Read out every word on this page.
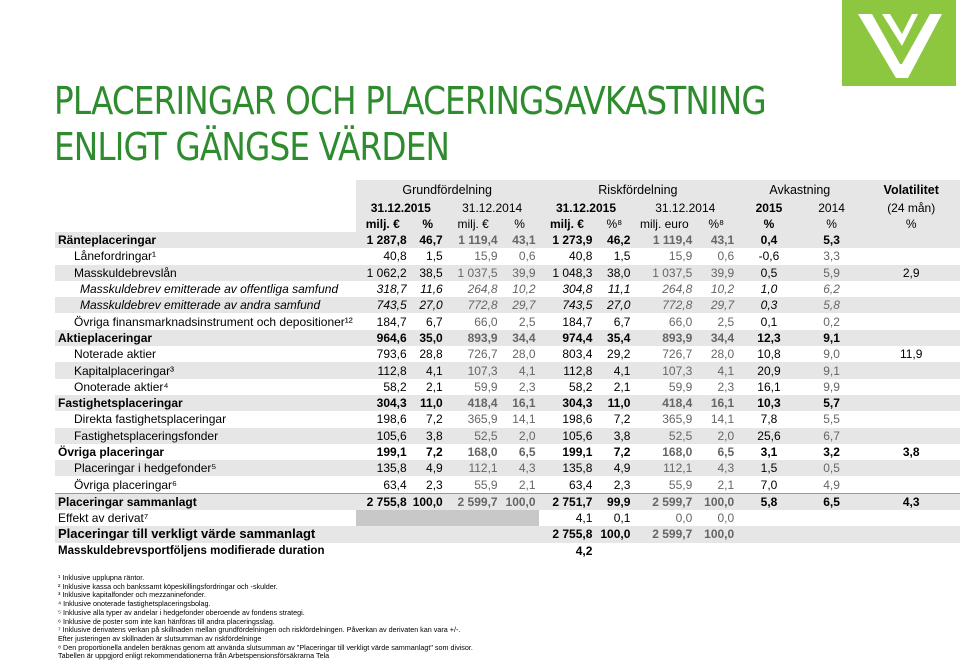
PLACERINGAR OCH PLACERINGSAVKASTNING
ENLIGT GÄNGSE VÄRDEN
	Grundfördelning				Riskfördelning				Avkastning		Volatilitet
	31.12.2015		31.12.2014		31.12.2015		31.12.2014		2015	2014	(24 mån)
	milj. €	%	milj. €	%	milj. €	%⁸	milj. euro	%⁸	%	%	%
Ränteplaceringar	1 287,8	46,7	1 119,4	43,1	1 273,9	46,2	1 119,4	43,1	0,4	5,3	
Lånefordringar¹	40,8	1,5	15,9	0,6	40,8	1,5	15,9	0,6	-0,6	3,3	
Masskuldebrevslån	1 062,2	38,5	1 037,5	39,9	1 048,3	38,0	1 037,5	39,9	0,5	5,9	2,9
Masskuldebrev emitterade av offentliga samfund	318,7	11,6	264,8	10,2	304,8	11,1	264,8	10,2	1,0	6,2	
Masskuldebrev emitterade av andra samfund	743,5	27,0	772,8	29,7	743,5	27,0	772,8	29,7	0,3	5,8	
Övriga finansmarknadsinstrument och depositioner¹²	184,7	6,7	66,0	2,5	184,7	6,7	66,0	2,5	0,1	0,2	
Aktieplaceringar	964,6	35,0	893,9	34,4	974,4	35,4	893,9	34,4	12,3	9,1	
Noterade aktier	793,6	28,8	726,7	28,0	803,4	29,2	726,7	28,0	10,8	9,0	11,9
Kapitalplaceringar³	112,8	4,1	107,3	4,1	112,8	4,1	107,3	4,1	20,9	9,1	
Onoterade aktier⁴	58,2	2,1	59,9	2,3	58,2	2,1	59,9	2,3	16,1	9,9	
Fastighetsplaceringar	304,3	11,0	418,4	16,1	304,3	11,0	418,4	16,1	10,3	5,7	
Direkta fastighetsplaceringar	198,6	7,2	365,9	14,1	198,6	7,2	365,9	14,1	7,8	5,5	
Fastighetsplaceringsfonder	105,6	3,8	52,5	2,0	105,6	3,8	52,5	2,0	25,6	6,7	
Övriga placeringar	199,1	7,2	168,0	6,5	199,1	7,2	168,0	6,5	3,1	3,2	3,8
Placeringar i hedgefonder⁵	135,8	4,9	112,1	4,3	135,8	4,9	112,1	4,3	1,5	0,5	
Övriga placeringar⁶	63,4	2,3	55,9	2,1	63,4	2,3	55,9	2,1	7,0	4,9	
Placeringar sammanlagt	2 755,8	100,0	2 599,7	100,0	2 751,7	99,9	2 599,7	100,0	5,8	6,5	4,3
Effekt av derivat⁷					4,1	0,1	0,0	0,0			
Placeringar till verkligt värde sammanlagt					2 755,8	100,0	2 599,7	100,0			
Masskuldebrevsportföljens modifierade duration					4,2						
¹ Inklusive upplupna räntor.
² Inklusive kassa och bankssamt köpeskillingsfordringar och -skulder.
³ Inklusive kapitalfonder och mezzaninefonder.
⁴ Inklusive onoterade fastighetsplaceringsbolag.
⁵ Inklusive alla typer av andelar i hedgefonder oberoende av fondens strategi.
⁶ Inklusive de poster som inte kan hänföras till andra placeringsslag.
⁷ Inklusive derivatens verkan på skillnaden mellan grundfördelningen och riskfördelningen. Påverkan av derivaten kan vara +/-.
Efter justeringen av skillnaden är slutsumman av riskfördelninge
⁸ Den proportionella andelen beräknas genom att använda slutsumman av "Placeringar till verkligt värde sammanlagt" som divisor.
Tabellen är uppgjord enligt rekommendationerna från Arbetspensionsförsäkrarna Tela
